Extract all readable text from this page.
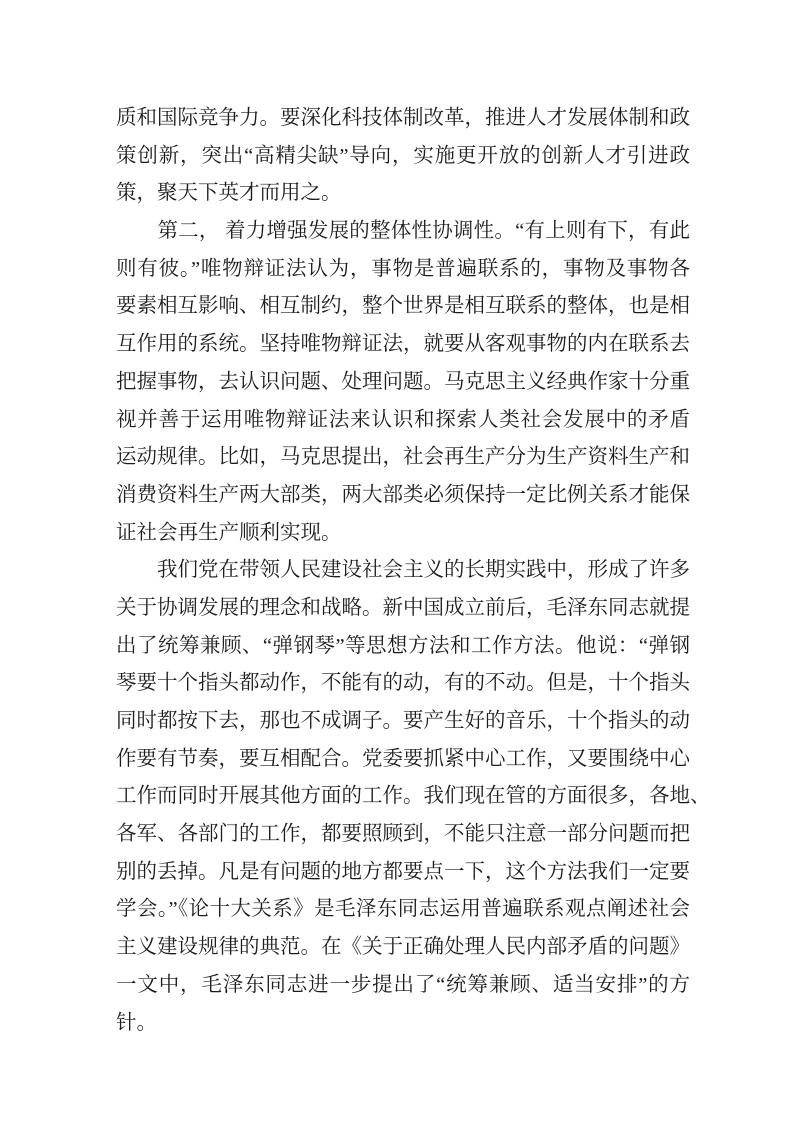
质和国际竞争力。要深化科技体制改革，推进人才发展体制和政
策创新，突出“高精尖缺”导向，实施更开放的创新人才引进政
策，聚天下英才而用之。
　　第二， 着力增强发展的整体性协调性。“有上则有下，有此
则有彼。”唯物辩证法认为，事物是普遍联系的，事物及事物各
要素相互影响、相互制约，整个世界是相互联系的整体，也是相
互作用的系统。坚持唯物辩证法，就要从客观事物的内在联系去
把握事物，去认识问题、处理问题。马克思主义经典作家十分重
视并善于运用唯物辩证法来认识和探索人类社会发展中的矛盾
运动规律。比如，马克思提出，社会再生产分为生产资料生产和
消费资料生产两大部类，两大部类必须保持一定比例关系才能保
证社会再生产顺利实现。
　　我们党在带领人民建设社会主义的长期实践中，形成了许多
关于协调发展的理念和战略。新中国成立前后，毛泽东同志就提
出了统筹兼顾、“弹钢琴”等思想方法和工作方法。他说：“弹钢
琴要十个指头都动作，不能有的动，有的不动。但是，十个指头
同时都按下去，那也不成调子。要产生好的音乐，十个指头的动
作要有节奏，要互相配合。党委要抓紧中心工作，又要围绕中心
工作而同时开展其他方面的工作。我们现在管的方面很多，各地、
各军、各部门的工作，都要照顾到，不能只注意一部分问题而把
别的丢掉。凡是有问题的地方都要点一下，这个方法我们一定要
学会。”《论十大关系》是毛泽东同志运用普遍联系观点阐述社会
主义建设规律的典范。在《关于正确处理人民内部矛盾的问题》
一文中，毛泽东同志进一步提出了“统筹兼顾、适当安排”的方
针。
